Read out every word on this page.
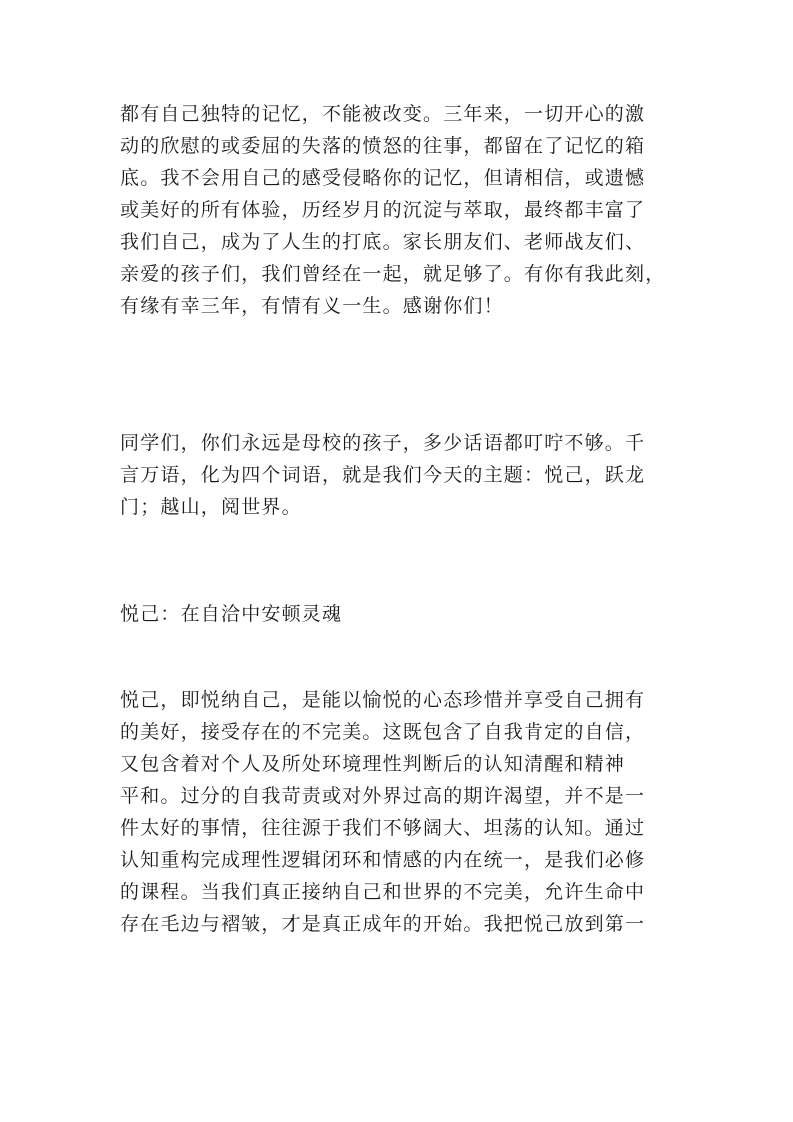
都有自己独特的记忆，不能被改变。三年来，一切开心的激
动的欣慰的或委屈的失落的愤怒的往事，都留在了记忆的箱
底。我不会用自己的感受侵略你的记忆，但请相信，或遗憾
或美好的所有体验，历经岁月的沉淀与萃取，最终都丰富了
我们自己，成为了人生的打底。家长朋友们、老师战友们、
亲爱的孩子们，我们曾经在一起，就足够了。有你有我此刻，
有缘有幸三年，有情有义一生。感谢你们！
同学们，你们永远是母校的孩子，多少话语都叮咛不够。千
言万语，化为四个词语，就是我们今天的主题：悦己，跃龙
门；越山，阅世界。
悦己：在自洽中安顿灵魂
悦己，即悦纳自己，是能以愉悦的心态珍惜并享受自己拥有
的美好，接受存在的不完美。这既包含了自我肯定的自信，
又包含着对个人及所处环境理性判断后的认知清醒和精神
平和。过分的自我苛责或对外界过高的期许渴望，并不是一
件太好的事情，往往源于我们不够阔大、坦荡的认知。通过
认知重构完成理性逻辑闭环和情感的内在统一，是我们必修
的课程。当我们真正接纳自己和世界的不完美，允许生命中
存在毛边与褶皱，才是真正成年的开始。我把悦己放到第一
